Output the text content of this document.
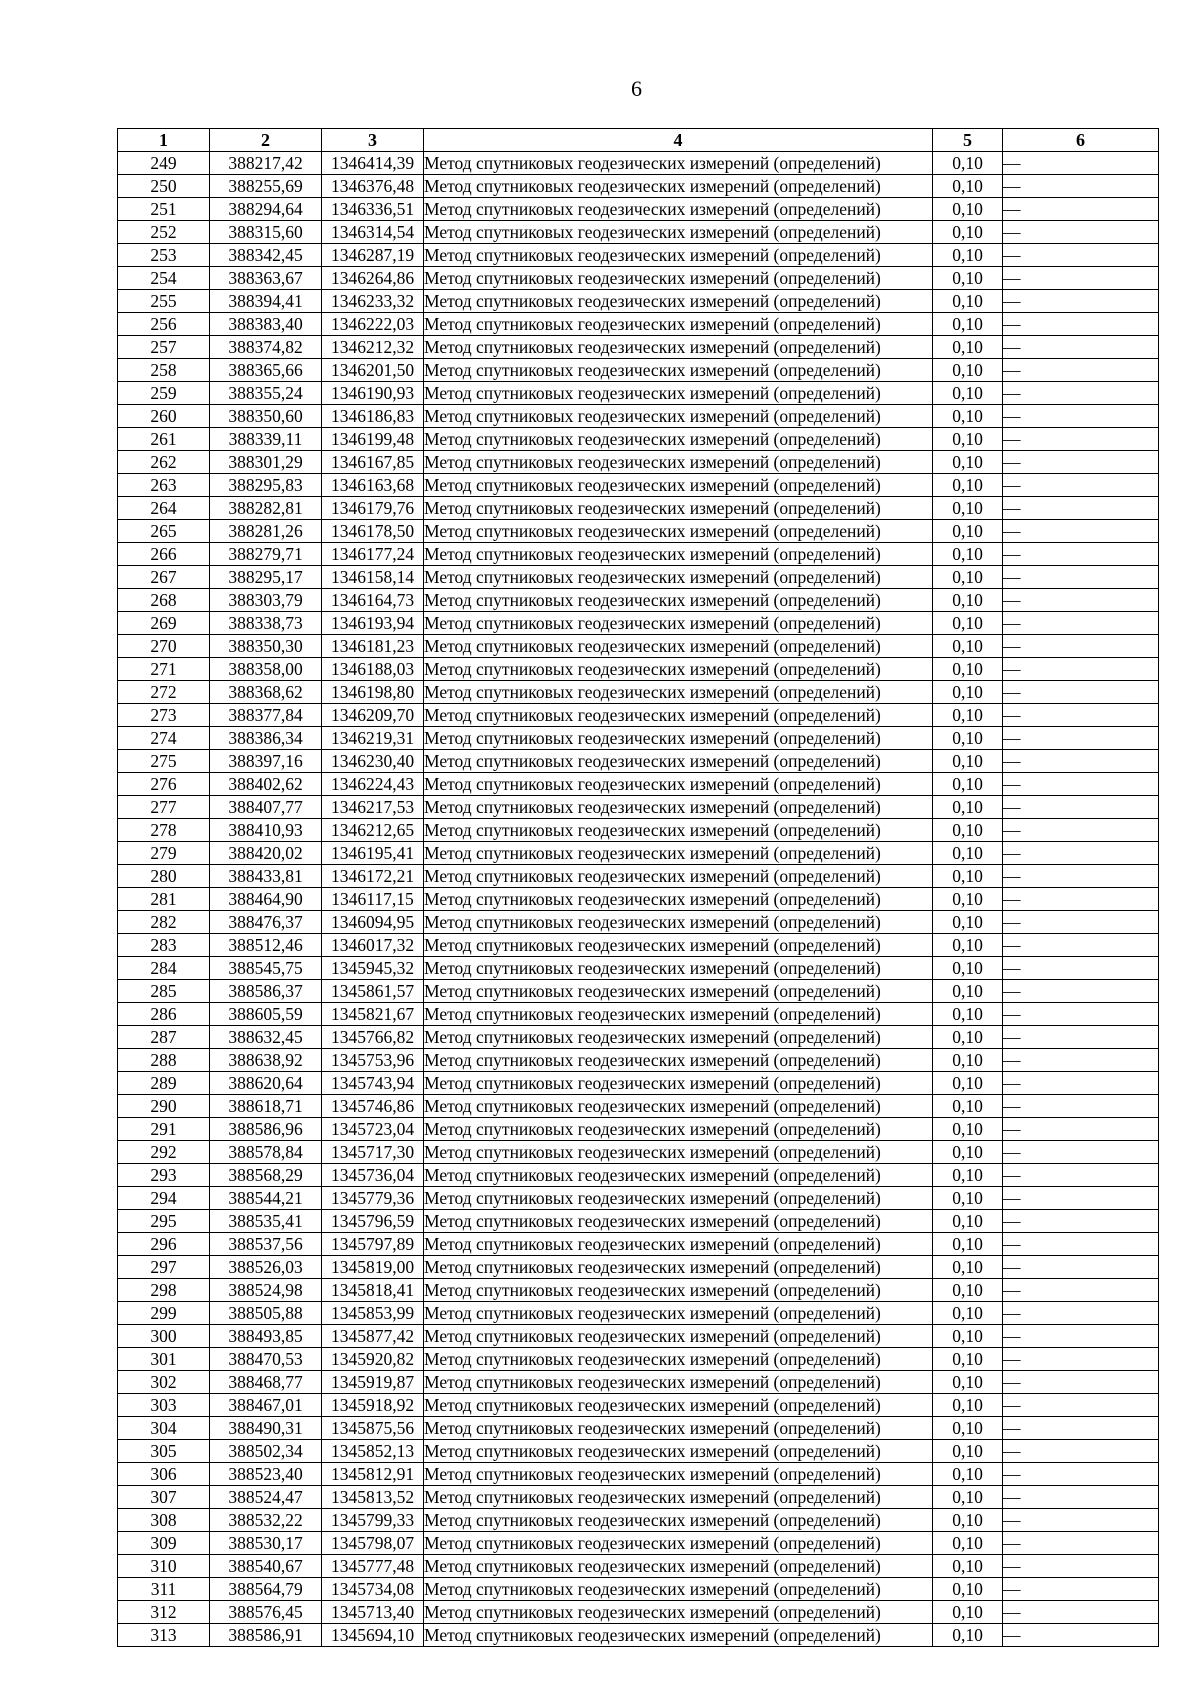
6
1	2	3	4	5	6
249	388217,42	1346414,39	Метод спутниковых геодезических измерений (определений)	0,10	—
250	388255,69	1346376,48	Метод спутниковых геодезических измерений (определений)	0,10	—
251	388294,64	1346336,51	Метод спутниковых геодезических измерений (определений)	0,10	—
252	388315,60	1346314,54	Метод спутниковых геодезических измерений (определений)	0,10	—
253	388342,45	1346287,19	Метод спутниковых геодезических измерений (определений)	0,10	—
254	388363,67	1346264,86	Метод спутниковых геодезических измерений (определений)	0,10	—
255	388394,41	1346233,32	Метод спутниковых геодезических измерений (определений)	0,10	—
256	388383,40	1346222,03	Метод спутниковых геодезических измерений (определений)	0,10	—
257	388374,82	1346212,32	Метод спутниковых геодезических измерений (определений)	0,10	—
258	388365,66	1346201,50	Метод спутниковых геодезических измерений (определений)	0,10	—
259	388355,24	1346190,93	Метод спутниковых геодезических измерений (определений)	0,10	—
260	388350,60	1346186,83	Метод спутниковых геодезических измерений (определений)	0,10	—
261	388339,11	1346199,48	Метод спутниковых геодезических измерений (определений)	0,10	—
262	388301,29	1346167,85	Метод спутниковых геодезических измерений (определений)	0,10	—
263	388295,83	1346163,68	Метод спутниковых геодезических измерений (определений)	0,10	—
264	388282,81	1346179,76	Метод спутниковых геодезических измерений (определений)	0,10	—
265	388281,26	1346178,50	Метод спутниковых геодезических измерений (определений)	0,10	—
266	388279,71	1346177,24	Метод спутниковых геодезических измерений (определений)	0,10	—
267	388295,17	1346158,14	Метод спутниковых геодезических измерений (определений)	0,10	—
268	388303,79	1346164,73	Метод спутниковых геодезических измерений (определений)	0,10	—
269	388338,73	1346193,94	Метод спутниковых геодезических измерений (определений)	0,10	—
270	388350,30	1346181,23	Метод спутниковых геодезических измерений (определений)	0,10	—
271	388358,00	1346188,03	Метод спутниковых геодезических измерений (определений)	0,10	—
272	388368,62	1346198,80	Метод спутниковых геодезических измерений (определений)	0,10	—
273	388377,84	1346209,70	Метод спутниковых геодезических измерений (определений)	0,10	—
274	388386,34	1346219,31	Метод спутниковых геодезических измерений (определений)	0,10	—
275	388397,16	1346230,40	Метод спутниковых геодезических измерений (определений)	0,10	—
276	388402,62	1346224,43	Метод спутниковых геодезических измерений (определений)	0,10	—
277	388407,77	1346217,53	Метод спутниковых геодезических измерений (определений)	0,10	—
278	388410,93	1346212,65	Метод спутниковых геодезических измерений (определений)	0,10	—
279	388420,02	1346195,41	Метод спутниковых геодезических измерений (определений)	0,10	—
280	388433,81	1346172,21	Метод спутниковых геодезических измерений (определений)	0,10	—
281	388464,90	1346117,15	Метод спутниковых геодезических измерений (определений)	0,10	—
282	388476,37	1346094,95	Метод спутниковых геодезических измерений (определений)	0,10	—
283	388512,46	1346017,32	Метод спутниковых геодезических измерений (определений)	0,10	—
284	388545,75	1345945,32	Метод спутниковых геодезических измерений (определений)	0,10	—
285	388586,37	1345861,57	Метод спутниковых геодезических измерений (определений)	0,10	—
286	388605,59	1345821,67	Метод спутниковых геодезических измерений (определений)	0,10	—
287	388632,45	1345766,82	Метод спутниковых геодезических измерений (определений)	0,10	—
288	388638,92	1345753,96	Метод спутниковых геодезических измерений (определений)	0,10	—
289	388620,64	1345743,94	Метод спутниковых геодезических измерений (определений)	0,10	—
290	388618,71	1345746,86	Метод спутниковых геодезических измерений (определений)	0,10	—
291	388586,96	1345723,04	Метод спутниковых геодезических измерений (определений)	0,10	—
292	388578,84	1345717,30	Метод спутниковых геодезических измерений (определений)	0,10	—
293	388568,29	1345736,04	Метод спутниковых геодезических измерений (определений)	0,10	—
294	388544,21	1345779,36	Метод спутниковых геодезических измерений (определений)	0,10	—
295	388535,41	1345796,59	Метод спутниковых геодезических измерений (определений)	0,10	—
296	388537,56	1345797,89	Метод спутниковых геодезических измерений (определений)	0,10	—
297	388526,03	1345819,00	Метод спутниковых геодезических измерений (определений)	0,10	—
298	388524,98	1345818,41	Метод спутниковых геодезических измерений (определений)	0,10	—
299	388505,88	1345853,99	Метод спутниковых геодезических измерений (определений)	0,10	—
300	388493,85	1345877,42	Метод спутниковых геодезических измерений (определений)	0,10	—
301	388470,53	1345920,82	Метод спутниковых геодезических измерений (определений)	0,10	—
302	388468,77	1345919,87	Метод спутниковых геодезических измерений (определений)	0,10	—
303	388467,01	1345918,92	Метод спутниковых геодезических измерений (определений)	0,10	—
304	388490,31	1345875,56	Метод спутниковых геодезических измерений (определений)	0,10	—
305	388502,34	1345852,13	Метод спутниковых геодезических измерений (определений)	0,10	—
306	388523,40	1345812,91	Метод спутниковых геодезических измерений (определений)	0,10	—
307	388524,47	1345813,52	Метод спутниковых геодезических измерений (определений)	0,10	—
308	388532,22	1345799,33	Метод спутниковых геодезических измерений (определений)	0,10	—
309	388530,17	1345798,07	Метод спутниковых геодезических измерений (определений)	0,10	—
310	388540,67	1345777,48	Метод спутниковых геодезических измерений (определений)	0,10	—
311	388564,79	1345734,08	Метод спутниковых геодезических измерений (определений)	0,10	—
312	388576,45	1345713,40	Метод спутниковых геодезических измерений (определений)	0,10	—
313	388586,91	1345694,10	Метод спутниковых геодезических измерений (определений)	0,10	—
